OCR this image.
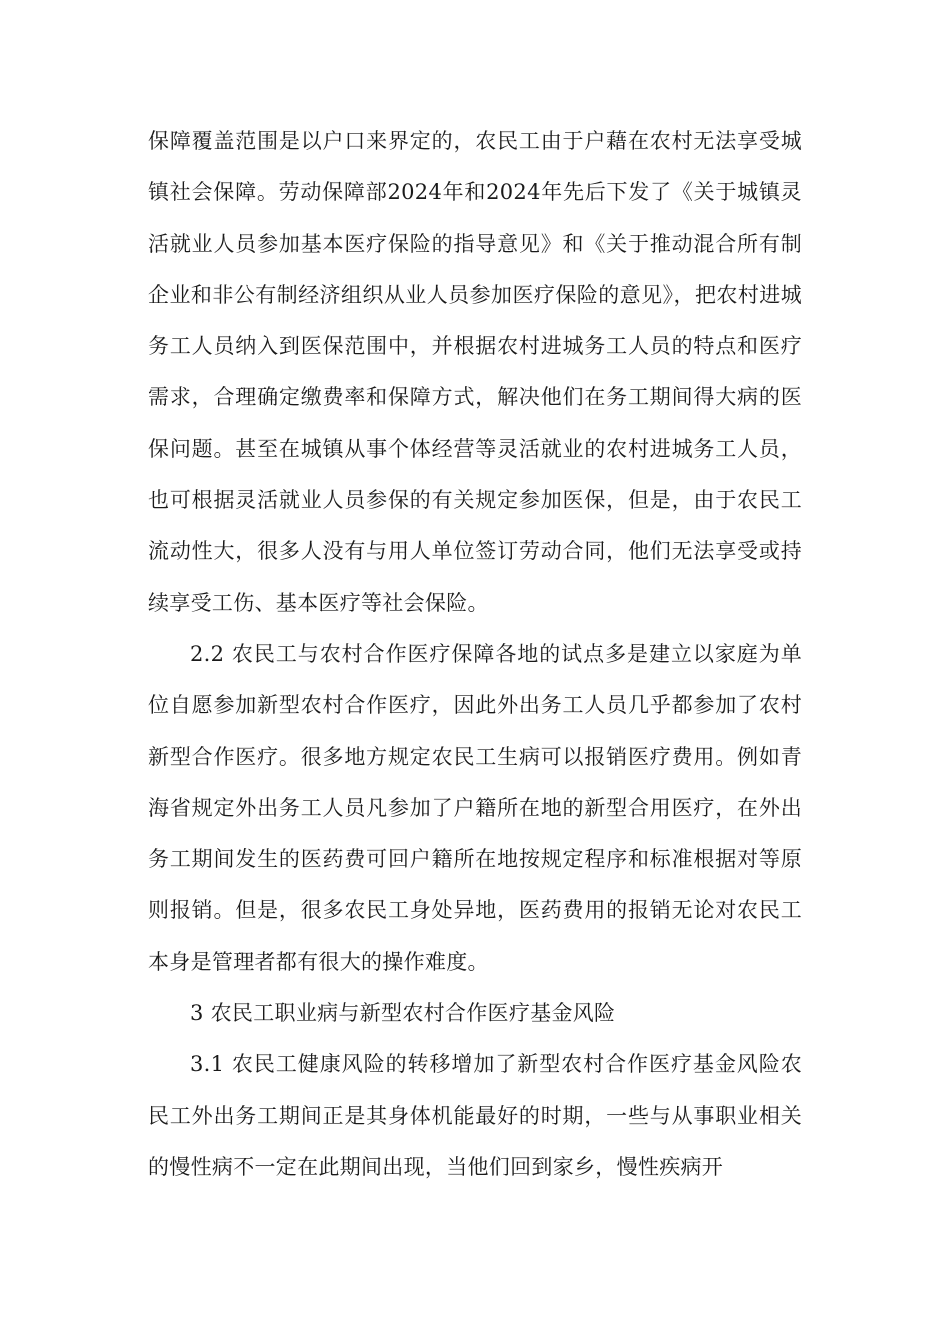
保障覆盖范围是以户口来界定的，农民工由于户藉在农村无法享受城镇社会保障。劳动保障部2024年和2024年先后下发了《关于城镇灵活就业人员参加基本医疗保险的指导意见》和《关于推动混合所有制企业和非公有制经济组织从业人员参加医疗保险的意见》，把农村进城务工人员纳入到医保范围中，并根据农村进城务工人员的特点和医疗需求，合理确定缴费率和保障方式，解决他们在务工期间得大病的医保问题。甚至在城镇从事个体经营等灵活就业的农村进城务工人员，也可根据灵活就业人员参保的有关规定参加医保，但是，由于农民工流动性大，很多人没有与用人单位签订劳动合同，他们无法享受或持续享受工伤、基本医疗等社会保险。

2.2 农民工与农村合作医疗保障各地的试点多是建立以家庭为单位自愿参加新型农村合作医疗，因此外出务工人员几乎都参加了农村新型合作医疗。很多地方规定农民工生病可以报销医疗费用。例如青海省规定外出务工人员凡参加了户籍所在地的新型合用医疗，在外出务工期间发生的医药费可回户籍所在地按规定程序和标准根据对等原则报销。但是，很多农民工身处异地，医药费用的报销无论对农民工本身是管理者都有很大的操作难度。

3 农民工职业病与新型农村合作医疗基金风险

3.1 农民工健康风险的转移增加了新型农村合作医疗基金风险农民工外出务工期间正是其身体机能最好的时期，一些与从事职业相关的慢性病不一定在此期间出现，当他们回到家乡，慢性疾病开
